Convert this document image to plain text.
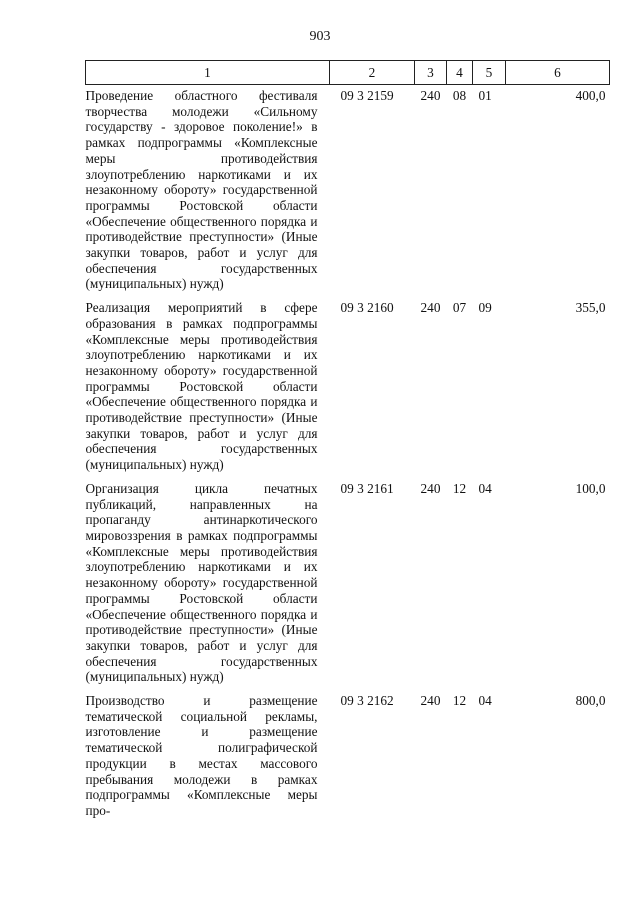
903
1	2	3	4	5	6
Проведение областного фестиваля творчества молодежи «Сильному государству - здоровое поколение!» в рамках подпрограммы «Комплексные меры противодействия злоупотреблению наркотиками и их незаконному обороту» государственной программы Ростовской области «Обеспечение общественного порядка и противодействие преступности» (Иные закупки товаров, работ и услуг для обеспечения государственных (муниципальных) нужд)	09 3 2159	240	08	01	400,0
Реализация мероприятий в сфере образования в рамках подпрограммы «Комплексные меры противодействия злоупотреблению наркотиками и их незаконному обороту» государственной программы Ростовской области «Обеспечение общественного порядка и противодействие преступности» (Иные закупки товаров, работ и услуг для обеспечения государственных (муниципальных) нужд)	09 3 2160	240	07	09	355,0
Организация цикла печатных публикаций, направленных на пропаганду антинаркотического мировоззрения в рамках подпрограммы «Комплексные меры противодействия злоупотреблению наркотиками и их незаконному обороту» государственной программы Ростовской области «Обеспечение общественного порядка и противодействие преступности» (Иные закупки товаров, работ и услуг для обеспечения государственных (муниципальных) нужд)	09 3 2161	240	12	04	100,0
Производство и размещение тематической социальной рекламы, изготовление и размещение тематической полиграфической продукции в местах массового пребывания молодежи в рамках подпрограммы «Комплексные меры про-	09 3 2162	240	12	04	800,0
